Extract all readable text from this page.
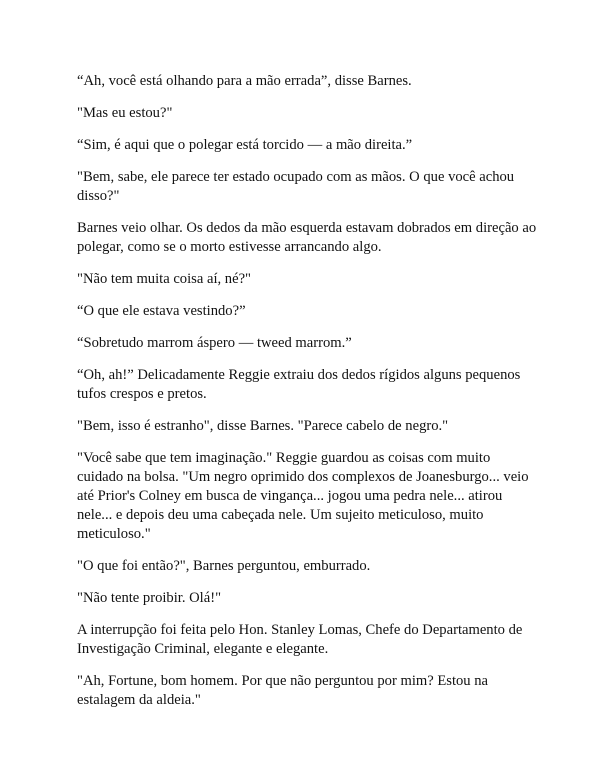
“Ah, você está olhando para a mão errada”, disse Barnes.

"Mas eu estou?"

“Sim, é aqui que o polegar está torcido — a mão direita.”

"Bem, sabe, ele parece ter estado ocupado com as mãos. O que você achou disso?"

Barnes veio olhar. Os dedos da mão esquerda estavam dobrados em direção ao polegar, como se o morto estivesse arrancando algo.

"Não tem muita coisa aí, né?"

“O que ele estava vestindo?”

“Sobretudo marrom áspero — tweed marrom.”

“Oh, ah!” Delicadamente Reggie extraiu dos dedos rígidos alguns pequenos tufos crespos e pretos.

"Bem, isso é estranho", disse Barnes. "Parece cabelo de negro."

"Você sabe que tem imaginação." Reggie guardou as coisas com muito cuidado na bolsa. "Um negro oprimido dos complexos de Joanesburgo... veio até Prior's Colney em busca de vingança... jogou uma pedra nele... atirou nele... e depois deu uma cabeçada nele. Um sujeito meticuloso, muito meticuloso."

"O que foi então?", Barnes perguntou, emburrado.

"Não tente proibir. Olá!"

A interrupção foi feita pelo Hon. Stanley Lomas, Chefe do Departamento de Investigação Criminal, elegante e elegante.

"Ah, Fortune, bom homem. Por que não perguntou por mim? Estou na estalagem da aldeia."
